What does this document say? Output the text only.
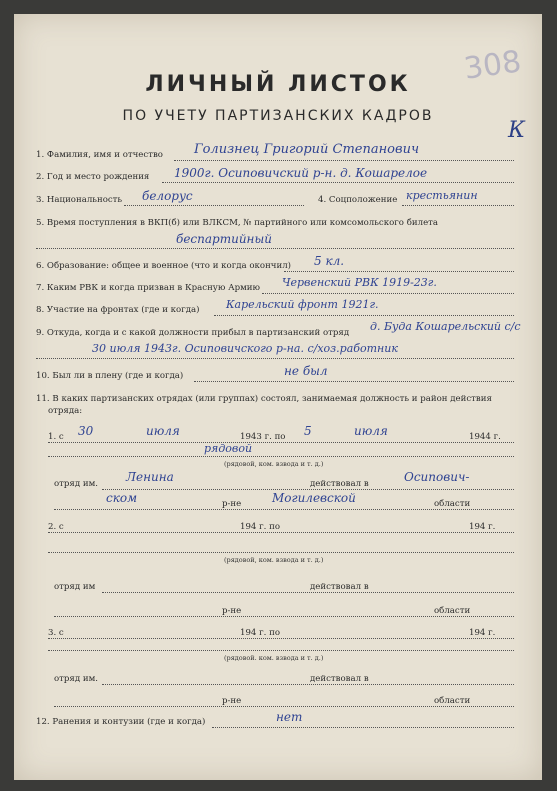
308
К
ЛИЧНЫЙ ЛИСТОК
ПО УЧЕТУ ПАРТИЗАНСКИХ КАДРОВ
1. Фамилия, имя и отчество Голизнец Григорий Степанович
2. Год и место рождения 1900г. Осиповичский р-н. д. Кошарелое
3. Национальность белорус	4. Соцположение крестьянин
5. Время поступления в ВКП(б) или ВЛКСМ, № партийного или комсомольского билета
беспартийный
6. Образование: общее и военное (что и когда окончил) 5 кл.
7. Каким РВК и когда призван в Красную Армию Червенский РВК 1919-23г.
8. Участие на фронтах (где и когда) Карельский фронт 1921г.
9. Откуда, когда и с какой должности прибыл в партизанский отряд д. Буда Кошарельский с/с
30 июля 1943г. Осиповичского р-на. с/хоз.работник
10. Был ли в плену (где и когда)	не был
11. В каких партизанских отрядах (или группах) состоял, занимаемая должность и район действия
отряда:
1. с 30	июля	1943 г. по 5	июля	1944 г.
рядовой
(рядовой, ком. взвода и т. д.)
отряд им. Ленина	действовал в	Осипович-
ском	р-не	Могилевской	области
2. с	194 г. по	194 г.
(рядовой, ком. взвода и т. д.)
отряд им	действовал в
р-не	области
3. с	194 г. по	194 г.
(рядовой. ком. взвода и т. д.)
отряд им.	действовал в
р-не	области
12. Ранения и контузии (где и когда)	нет
